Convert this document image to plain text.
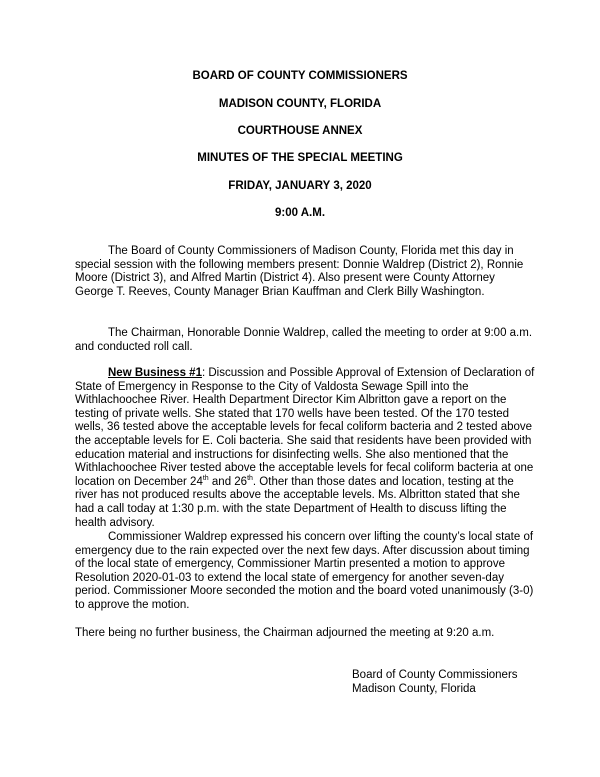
BOARD OF COUNTY COMMISSIONERS

MADISON COUNTY, FLORIDA

COURTHOUSE ANNEX

MINUTES OF THE SPECIAL MEETING

FRIDAY, JANUARY 3, 2020

9:00 A.M.

The Board of County Commissioners of Madison County, Florida met this day in special session with the following members present: Donnie Waldrep (District 2), Ronnie Moore (District 3), and Alfred Martin (District 4). Also present were County Attorney George T. Reeves, County Manager Brian Kauffman and Clerk Billy Washington.

The Chairman, Honorable Donnie Waldrep, called the meeting to order at 9:00 a.m. and conducted roll call.

New Business #1: Discussion and Possible Approval of Extension of Declaration of State of Emergency in Response to the City of Valdosta Sewage Spill into the Withlachoochee River. Health Department Director Kim Albritton gave a report on the testing of private wells. She stated that 170 wells have been tested. Of the 170 tested wells, 36 tested above the acceptable levels for fecal coliform bacteria and 2 tested above the acceptable levels for E. Coli bacteria. She said that residents have been provided with education material and instructions for disinfecting wells. She also mentioned that the Withlachoochee River tested above the acceptable levels for fecal coliform bacteria at one location on December 24th and 26th. Other than those dates and location, testing at the river has not produced results above the acceptable levels. Ms. Albritton stated that she had a call today at 1:30 p.m. with the state Department of Health to discuss lifting the health advisory.

Commissioner Waldrep expressed his concern over lifting the county’s local state of emergency due to the rain expected over the next few days. After discussion about timing of the local state of emergency, Commissioner Martin presented a motion to approve Resolution 2020-01-03 to extend the local state of emergency for another seven-day period. Commissioner Moore seconded the motion and the board voted unanimously (3-0) to approve the motion.

There being no further business, the Chairman adjourned the meeting at 9:20 a.m.

Board of County Commissioners

Madison County, Florida
